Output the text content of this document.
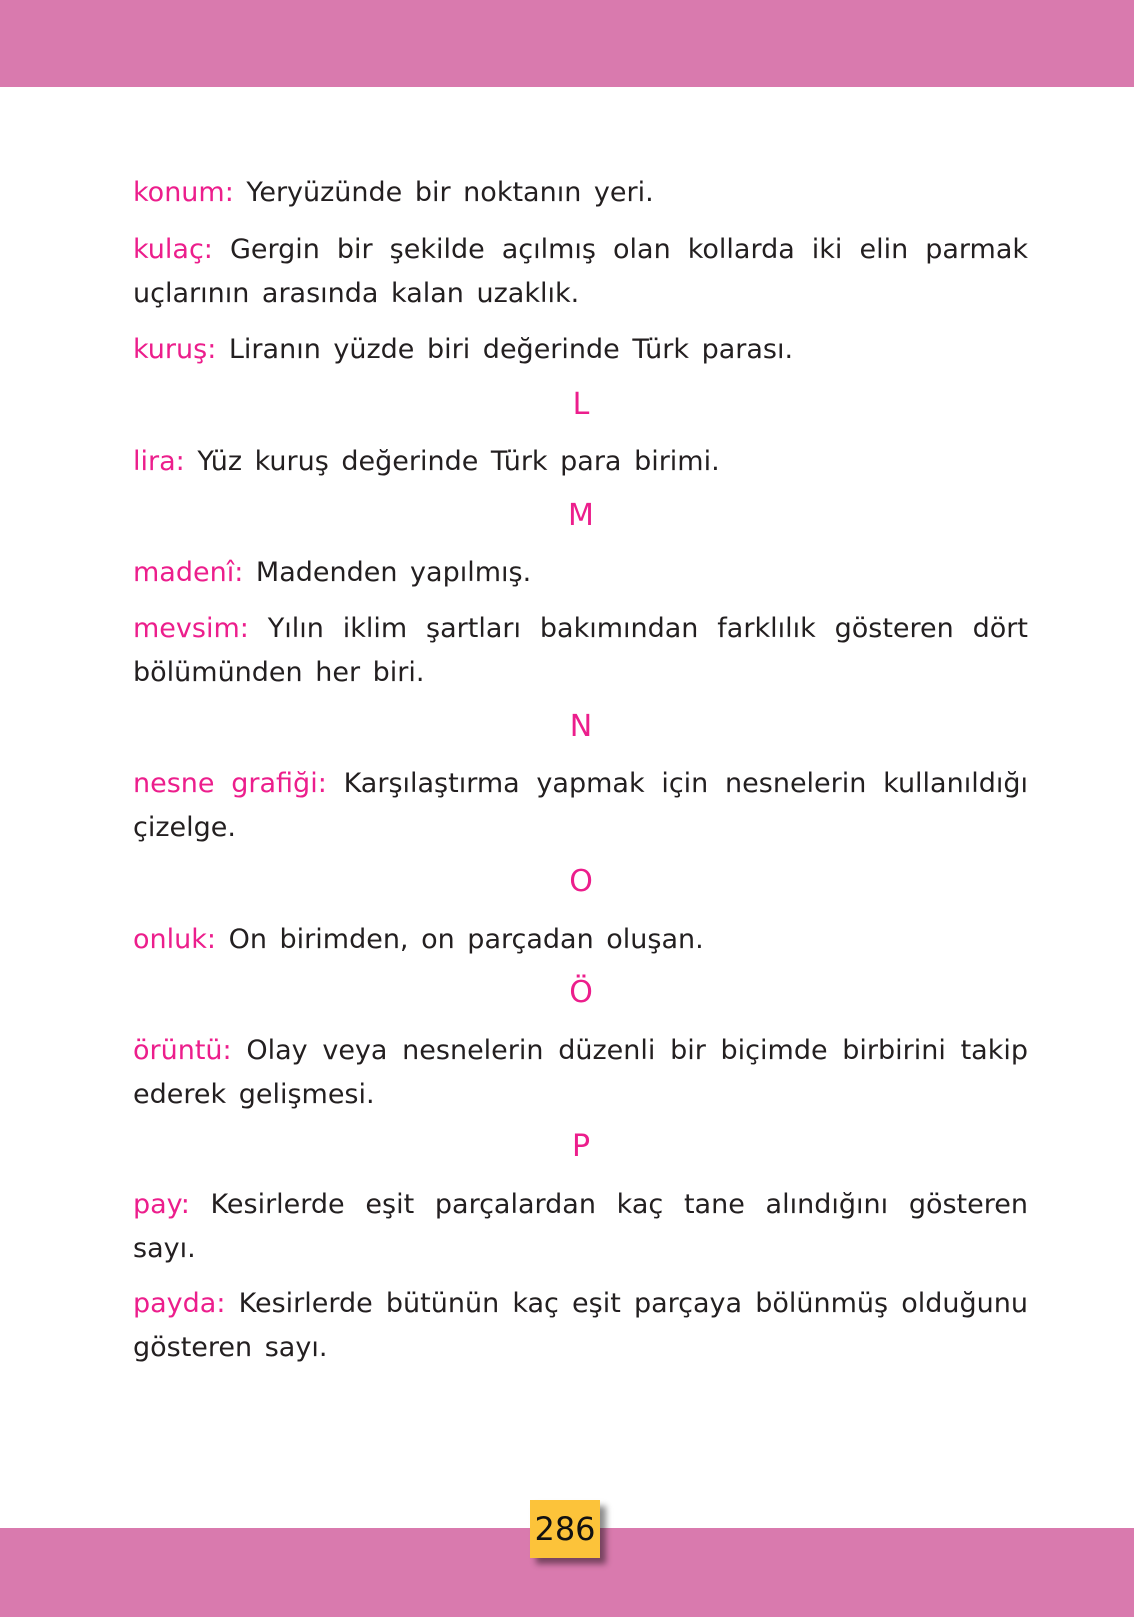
konum: Yeryüzünde bir noktanın yeri.
kulaç: Gergin bir şekilde açılmış olan kollarda iki elin parmak uçlarının arasında kalan uzaklık.
kuruş: Liranın yüzde biri değerinde Türk parası.
L
lira: Yüz kuruş değerinde Türk para birimi.
M
madenî: Madenden yapılmış.
mevsim: Yılın iklim şartları bakımından farklılık gösteren dört bölümünden her biri.
N
nesne grafiği: Karşılaştırma yapmak için nesnelerin kullanıldığı çizelge.
O
onluk: On birimden, on parçadan oluşan.
Ö
örüntü: Olay veya nesnelerin düzenli bir biçimde birbirini takip ederek gelişmesi.
P
pay: Kesirlerde eşit parçalardan kaç tane alındığını gösteren sayı.
payda: Kesirlerde bütünün kaç eşit parçaya bölünmüş olduğunu gösteren sayı.
286
